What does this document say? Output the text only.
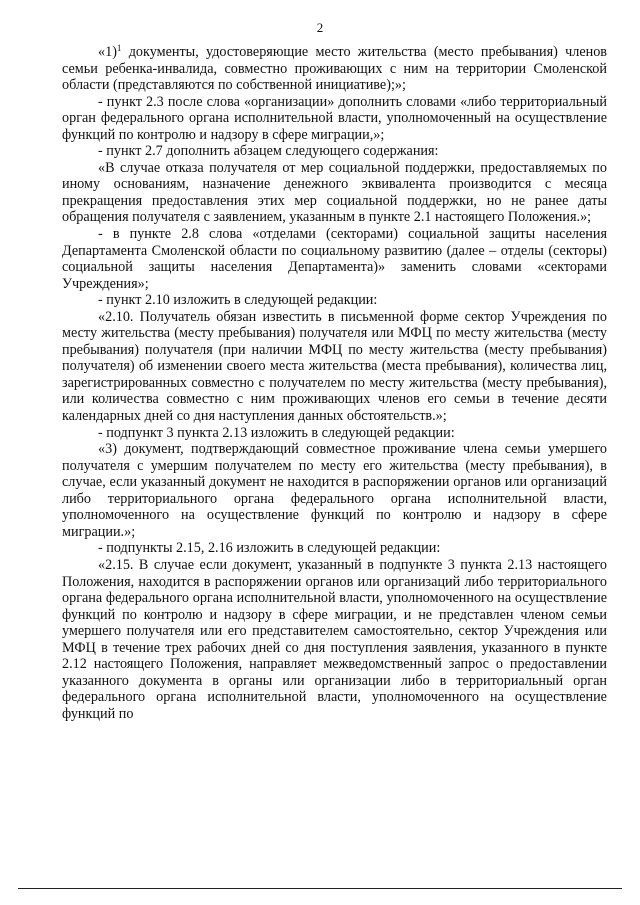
2

«1)$^1$ документы, удостоверяющие место жительства (место пребывания) членов семьи ребенка-инвалида, совместно проживающих с ним на территории Смоленской области (представляются по собственной инициативе);»;

- пункт 2.3 после слова «организации» дополнить словами «либо территориальный орган федерального органа исполнительной власти, уполномоченный на осуществление функций по контролю и надзору в сфере миграции,»;

- пункт 2.7 дополнить абзацем следующего содержания:

«В случае отказа получателя от мер социальной поддержки, предоставляемых по иному основаниям, назначение денежного эквивалента производится с месяца прекращения предоставления этих мер социальной поддержки, но не ранее даты обращения получателя с заявлением, указанным в пункте 2.1 настоящего Положения.»;

- в пункте 2.8 слова «отделами (секторами) социальной защиты населения Департамента Смоленской области по социальному развитию (далее – отделы (секторы) социальной защиты населения Департамента)» заменить словами «секторами Учреждения»;

- пункт 2.10 изложить в следующей редакции:

«2.10. Получатель обязан известить в письменной форме сектор Учреждения по месту жительства (месту пребывания) получателя или МФЦ по месту жительства (месту пребывания) получателя (при наличии МФЦ по месту жительства (месту пребывания) получателя) об изменении своего места жительства (места пребывания), количества лиц, зарегистрированных совместно с получателем по месту жительства (месту пребывания), или количества совместно с ним проживающих членов его семьи в течение десяти календарных дней со дня наступления данных обстоятельств.»;

- подпункт 3 пункта 2.13 изложить в следующей редакции:

«3) документ, подтверждающий совместное проживание члена семьи умершего получателя с умершим получателем по месту его жительства (месту пребывания), в случае, если указанный документ не находится в распоряжении органов или организаций либо территориального органа федерального органа исполнительной власти, уполномоченного на осуществление функций по контролю и надзору в сфере миграции.»;

- подпункты 2.15, 2.16 изложить в следующей редакции:

«2.15. В случае если документ, указанный в подпункте 3 пункта 2.13 настоящего Положения, находится в распоряжении органов или организаций либо территориального органа федерального органа исполнительной власти, уполномоченного на осуществление функций по контролю и надзору в сфере миграции, и не представлен членом семьи умершего получателя или его представителем самостоятельно, сектор Учреждения или МФЦ в течение трех рабочих дней со дня поступления заявления, указанного в пункте 2.12 настоящего Положения, направляет межведомственный запрос о предоставлении указанного документа в органы или организации либо в территориальный орган федерального органа исполнительной власти, уполномоченного на осуществление функций по
